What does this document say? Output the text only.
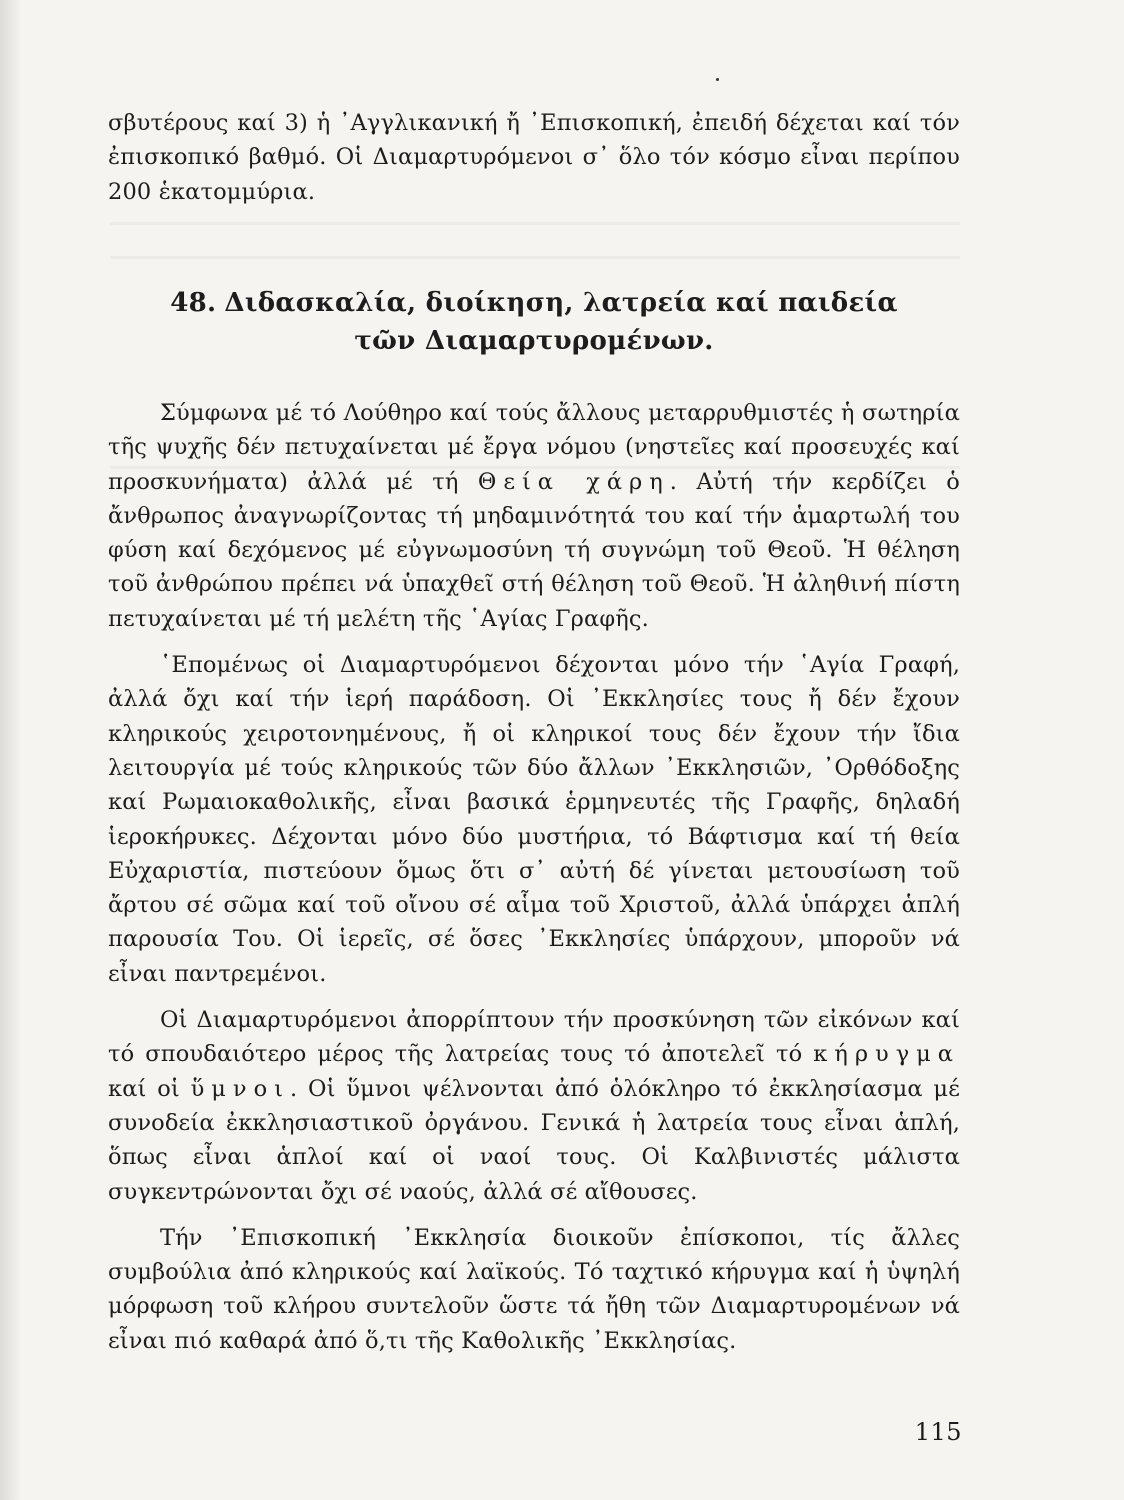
σβυτέρους καί 3) ἡ ᾿Αγγλικανική ἤ ᾿Επισκοπική, ἐπειδή δέχεται καί τόν ἐπισκοπικό βαθμό. Οἱ Διαμαρτυρόμενοι σ᾿ ὅλο τόν κόσμο εἶναι περίπου 200 ἑκατομμύρια.

48. Διδασκαλία, διοίκηση, λατρεία καί παιδεία
τῶν Διαμαρτυρομένων.

Σύμφωνα μέ τό Λούθηρο καί τούς ἄλλους μεταρρυθμιστές ἡ σωτηρία τῆς ψυχῆς δέν πετυχαίνεται μέ ἔργα νόμου (νηστεῖες καί προσευχές καί προσκυνήματα) ἀλλά μέ τή Θεία χάρη. Αὐτή τήν κερδίζει ὁ ἄνθρωπος ἀναγνωρίζοντας τή μηδαμινότητά του καί τήν ἁμαρτωλή του φύση καί δεχόμενος μέ εὐγνωμοσύνη τή συγνώμη τοῦ Θεοῦ. Ἡ θέληση τοῦ ἀνθρώπου πρέπει νά ὑπαχθεῖ στή θέληση τοῦ Θεοῦ. Ἡ ἀληθινή πίστη πετυχαίνεται μέ τή μελέτη τῆς ῾Αγίας Γραφῆς.

῾Επομένως οἱ Διαμαρτυρόμενοι δέχονται μόνο τήν ῾Αγία Γραφή, ἀλλά ὄχι καί τήν ἱερή παράδοση. Οἱ ᾿Εκκλησίες τους ἤ δέν ἔχουν κληρικούς χειροτονημένους, ἤ οἱ κληρικοί τους δέν ἔχουν τήν ἴδια λειτουργία μέ τούς κληρικούς τῶν δύο ἄλλων ᾿Εκκλησιῶν, ᾿Ορθόδοξης καί Ρωμαιοκαθολικῆς, εἶναι βασικά ἑρμηνευτές τῆς Γραφῆς, δηλαδή ἱεροκήρυκες. Δέχονται μόνο δύο μυστήρια, τό Βάφτισμα καί τή θεία Εὐχαριστία, πιστεύουν ὅμως ὅτι σ᾿ αὐτή δέ γίνεται μετουσίωση τοῦ ἄρτου σέ σῶμα καί τοῦ οἴνου σέ αἷμα τοῦ Χριστοῦ, ἀλλά ὑπάρχει ἁπλή παρουσία Του. Οἱ ἱερεῖς, σέ ὅσες ᾿Εκκλησίες ὑπάρχουν, μποροῦν νά εἶναι παντρεμένοι.

Οἱ Διαμαρτυρόμενοι ἀπορρίπτουν τήν προσκύνηση τῶν εἰκόνων καί τό σπουδαιότερο μέρος τῆς λατρείας τους τό ἀποτελεῖ τό κήρυγμα καί οἱ ὕμνοι. Οἱ ὕμνοι ψέλνονται ἀπό ὁλόκληρο τό ἐκκλησίασμα μέ συνοδεία ἐκκλησιαστικοῦ ὀργάνου. Γενικά ἡ λατρεία τους εἶναι ἁπλή, ὅπως εἶναι ἁπλοί καί οἱ ναοί τους. Οἱ Καλβινιστές μάλιστα συγκεντρώνονται ὄχι σέ ναούς, ἀλλά σέ αἴθουσες.

Τήν ᾿Επισκοπική ᾿Εκκλησία διοικοῦν ἐπίσκοποι, τίς ἄλλες συμβούλια ἀπό κληρικούς καί λαϊκούς. Τό ταχτικό κήρυγμα καί ἡ ὑψηλή μόρφωση τοῦ κλήρου συντελοῦν ὥστε τά ἤθη τῶν Διαμαρτυρομένων νά εἶναι πιό καθαρά ἀπό ὅ,τι τῆς Καθολικῆς ᾿Εκκλησίας.

115
